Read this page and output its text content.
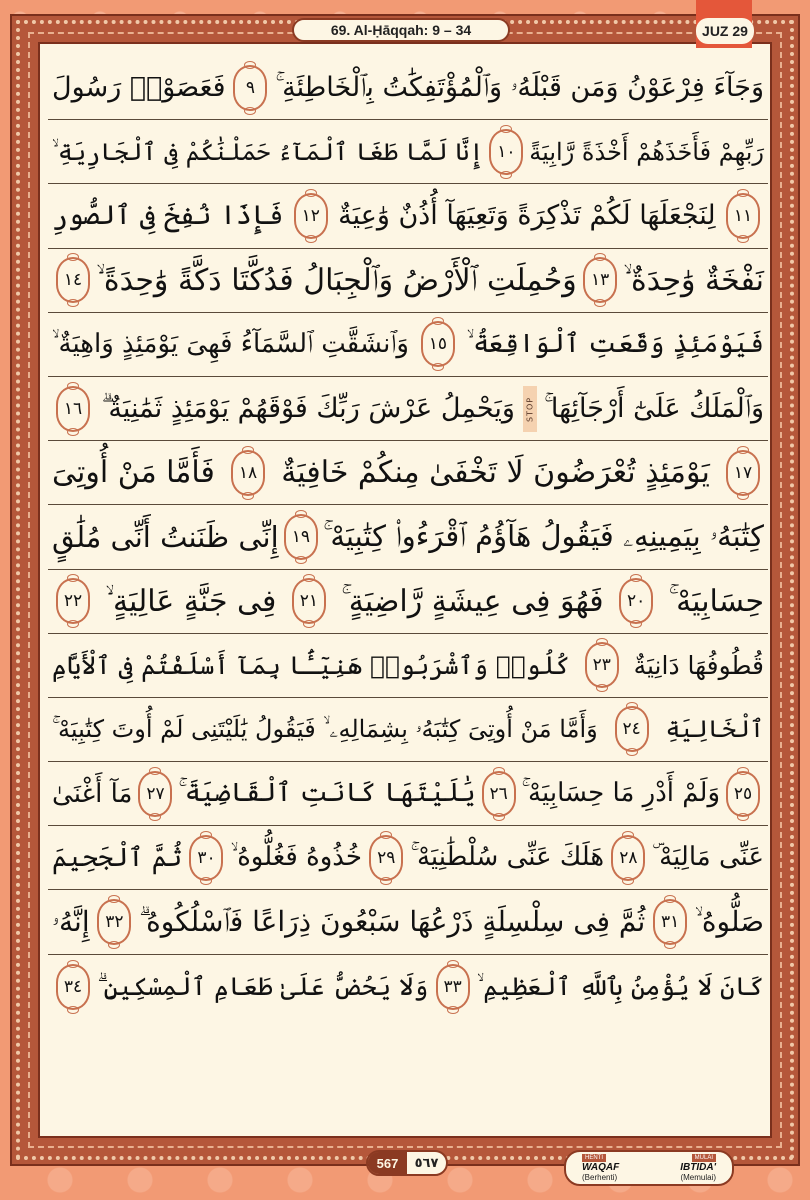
69. Al-Ḥāqqah: 9 – 34	JUZ 29
وَجَآءَ فِرْعَوْنُ وَمَن قَبْلَهُۥ وَٱلْمُؤْتَفِكَٰتُ بِٱلْخَاطِئَةِ ۚ
٩
فَعَصَوْا۟ رَسُولَ
رَبِّهِمْ فَأَخَذَهُمْ أَخْذَةً رَّابِيَةً
١٠
إِنَّا لَمَّا طَغَا ٱلْمَآءُ حَمَلْنَٰكُمْ فِى ٱلْجَارِيَةِ ۙ
١١
لِنَجْعَلَهَا لَكُمْ تَذْكِرَةً وَتَعِيَهَآ أُذُنٌ وَٰعِيَةٌ
١٢
فَإِذَا نُفِخَ فِى ٱلصُّورِ
نَفْخَةٌ وَٰحِدَةٌ ۙ
١٣
وَحُمِلَتِ ٱلْأَرْضُ وَٱلْجِبَالُ فَدُكَّتَا دَكَّةً وَٰحِدَةً ۙ
١٤
فَيَوْمَئِذٍ وَقَعَتِ ٱلْوَاقِعَةُ ۙ
١٥
وَٱنشَقَّتِ ٱلسَّمَآءُ فَهِىَ يَوْمَئِذٍ وَاهِيَةٌ ۙ
وَٱلْمَلَكُ عَلَىٰٓ أَرْجَآئِهَا ۚ
STOP
وَيَحْمِلُ عَرْشَ رَبِّكَ فَوْقَهُمْ يَوْمَئِذٍ ثَمَٰنِيَةٌ ۗ
١٦
١٧
يَوْمَئِذٍ تُعْرَضُونَ لَا تَخْفَىٰ مِنكُمْ خَافِيَةٌ
١٨
فَأَمَّا مَنْ أُوتِىَ
كِتَٰبَهُۥ بِيَمِينِهِۦ فَيَقُولُ هَآؤُمُ ٱقْرَءُوا۟ كِتَٰبِيَهْ ۚ
١٩
إِنِّى ظَنَنتُ أَنِّى مُلَٰقٍ
حِسَابِيَهْ ۚ
٢٠
فَهُوَ فِى عِيشَةٍ رَّاضِيَةٍ ۚ
٢١
فِى جَنَّةٍ عَالِيَةٍ ۙ
٢٢
قُطُوفُهَا دَانِيَةٌ
٢٣
كُلُوا۟ وَٱشْرَبُوا۟ هَنِيٓـَٔۢا بِمَآ أَسْلَفْتُمْ فِى ٱلْأَيَّامِ
ٱلْخَالِيَةِ
٢٤
وَأَمَّا مَنْ أُوتِىَ كِتَٰبَهُۥ بِشِمَالِهِۦ ۙ فَيَقُولُ يَٰلَيْتَنِى لَمْ أُوتَ كِتَٰبِيَهْ ۚ
٢٥
وَلَمْ أَدْرِ مَا حِسَابِيَهْ ۚ
٢٦
يَٰلَيْتَهَا كَانَتِ ٱلْقَاضِيَةَ ۚ
٢٧
مَآ أَغْنَىٰ
عَنِّى مَالِيَهْ ۜ
٢٨
هَلَكَ عَنِّى سُلْطَٰنِيَهْ ۚ
٢٩
خُذُوهُ فَغُلُّوهُ ۙ
٣٠
ثُمَّ ٱلْجَحِيمَ
صَلُّوهُ ۙ
٣١
ثُمَّ فِى سِلْسِلَةٍ ذَرْعُهَا سَبْعُونَ ذِرَاعًا فَٱسْلُكُوهُ ۗ
٣٢
إِنَّهُۥ
كَانَ لَا يُؤْمِنُ بِٱللَّهِ ٱلْعَظِيمِ ۙ
٣٣
وَلَا يَحُضُّ عَلَىٰ طَعَامِ ٱلْمِسْكِينِ ۗ
٣٤
567	٥٦٧	HENTI
WAQAF
(Berhenti)
MULAI
IBTIDA'
(Memulai)
